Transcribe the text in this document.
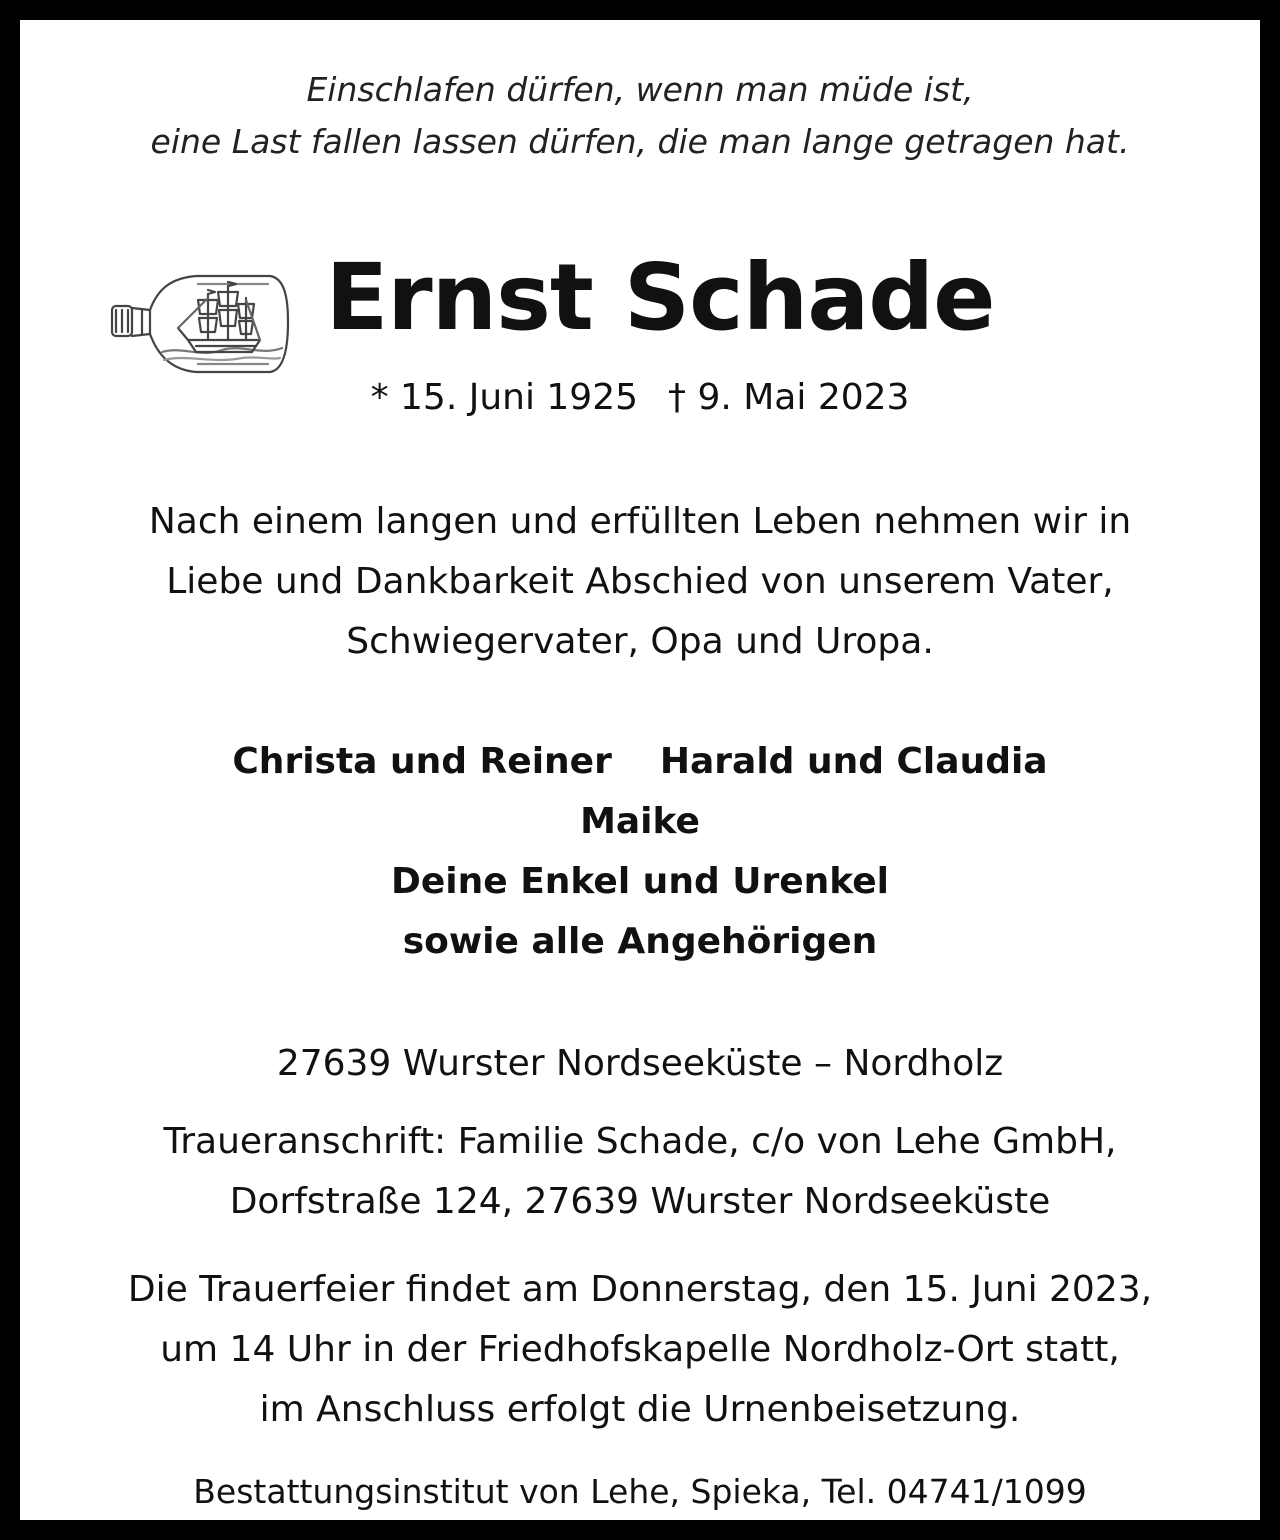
Einschlafen dürfen, wenn man müde ist,
eine Last fallen lassen dürfen, die man lange getragen hat.
Ernst Schade
* 15. Juni 1925 † 9. Mai 2023
Nach einem langen und erfüllten Leben nehmen wir in
Liebe und Dankbarkeit Abschied von unserem Vater,
Schwiegervater, Opa und Uropa.
Christa und Reiner Harald und Claudia
Maike
Deine Enkel und Urenkel
sowie alle Angehörigen
27639 Wurster Nordseeküste – Nordholz
Traueranschrift: Familie Schade, c/o von Lehe GmbH,
Dorfstraße 124, 27639 Wurster Nordseeküste
Die Trauerfeier findet am Donnerstag, den 15. Juni 2023,
um 14 Uhr in der Friedhofskapelle Nordholz-Ort statt,
im Anschluss erfolgt die Urnenbeisetzung.
Bestattungsinstitut von Lehe, Spieka, Tel. 04741/1099
